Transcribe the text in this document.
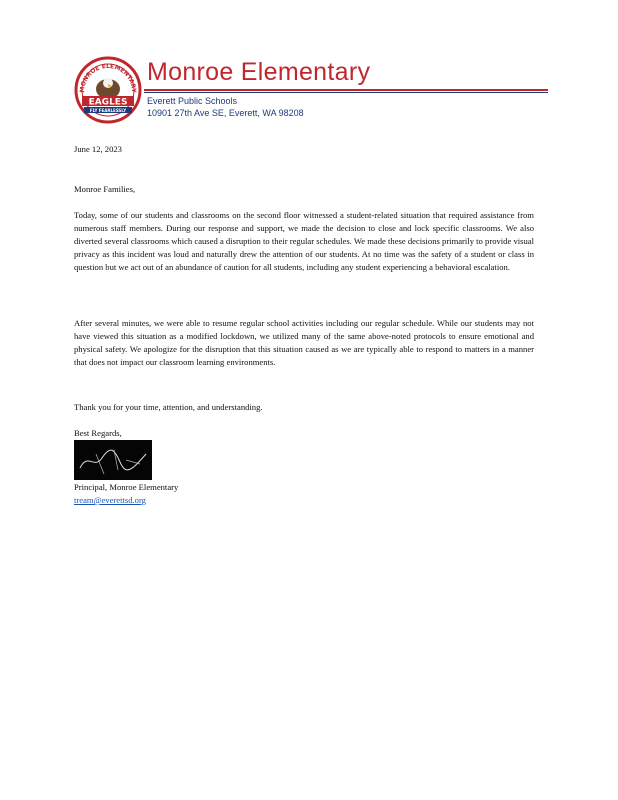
MONROE ELEMENTARY
EAGLES
FLY FEARLESSLY
Monroe Elementary
Everett Public Schools
10901 27th Ave SE, Everett, WA 98208
June 12, 2023
Monroe Families,
Today, some of our students and classrooms on the second floor witnessed a student-related situation that required assistance from numerous staff members. During our response and support, we made the decision to close and lock specific classrooms. We also diverted several classrooms which caused a disruption to their regular schedules. We made these decisions primarily to provide visual privacy as this incident was loud and naturally drew the attention of our students. At no time was the safety of a student or class in question but we act out of an abundance of caution for all students, including any student experiencing a behavioral escalation.
After several minutes, we were able to resume regular school activities including our regular schedule. While our students may not have viewed this situation as a modified lockdown, we utilized many of the same above-noted protocols to ensure emotional and physical safety. We apologize for the disruption that this situation caused as we are typically able to respond to matters in a manner that does not impact our classroom learning environments.
Thank you for your time, attention, and understanding.
Best Regards,
Principal, Monroe Elementary
tream@everettsd.org
